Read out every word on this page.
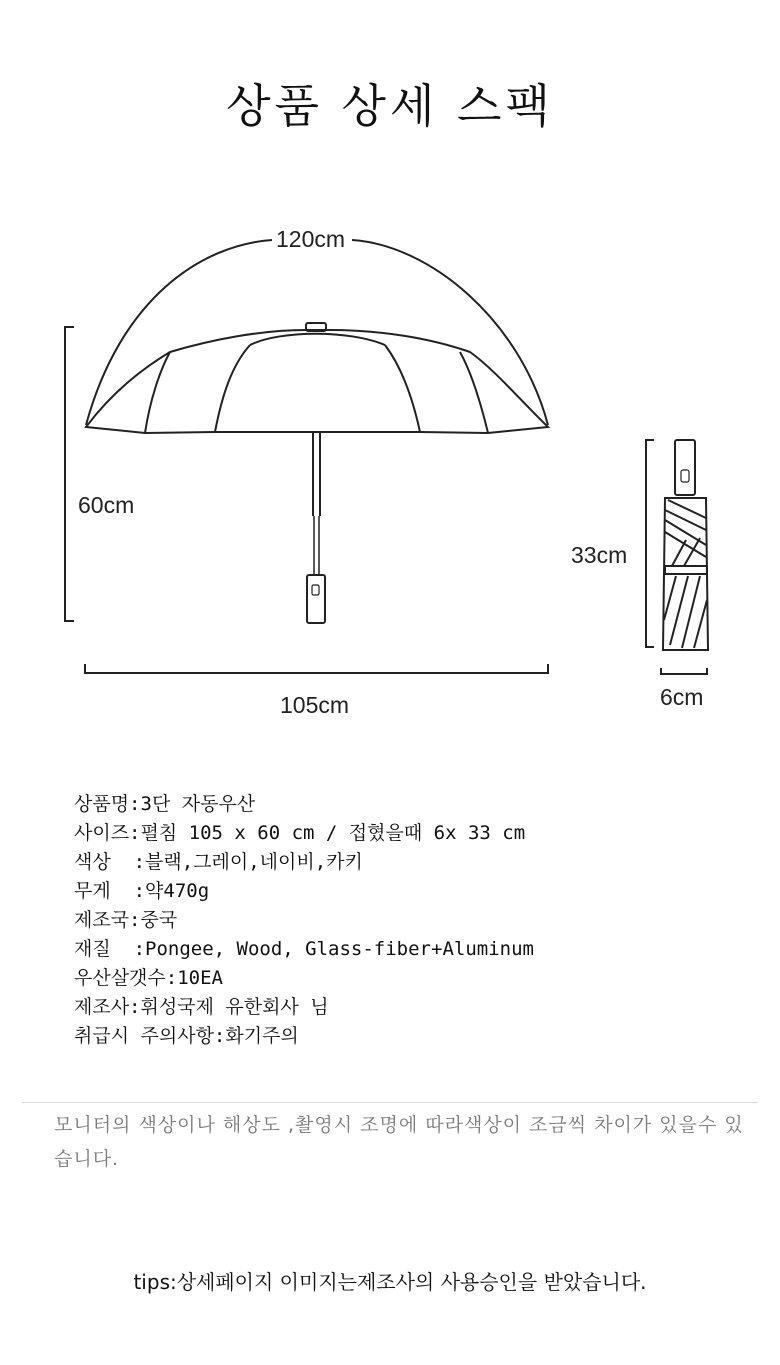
상품 상세 스팩
120cm
60cm
105cm
33cm
6cm
상품명:3단 자동우산
사이즈:펼침 105 x 60 cm / 접혔을때 6x 33 cm
색상  :블랙,그레이,네이비,카키
무게  :약470g
제조국:중국
재질  :Pongee, Wood, Glass-fiber+Aluminum
우산살갯수:10EA
제조사:휘성국제 유한회사 님
취급시 주의사항:화기주의
모니터의 색상이나 해상도 ,촬영시 조명에 따라색상이 조금씩 차이가 있을수 있습니다.
tips:상세페이지 이미지는제조사의 사용승인을 받았습니다.
